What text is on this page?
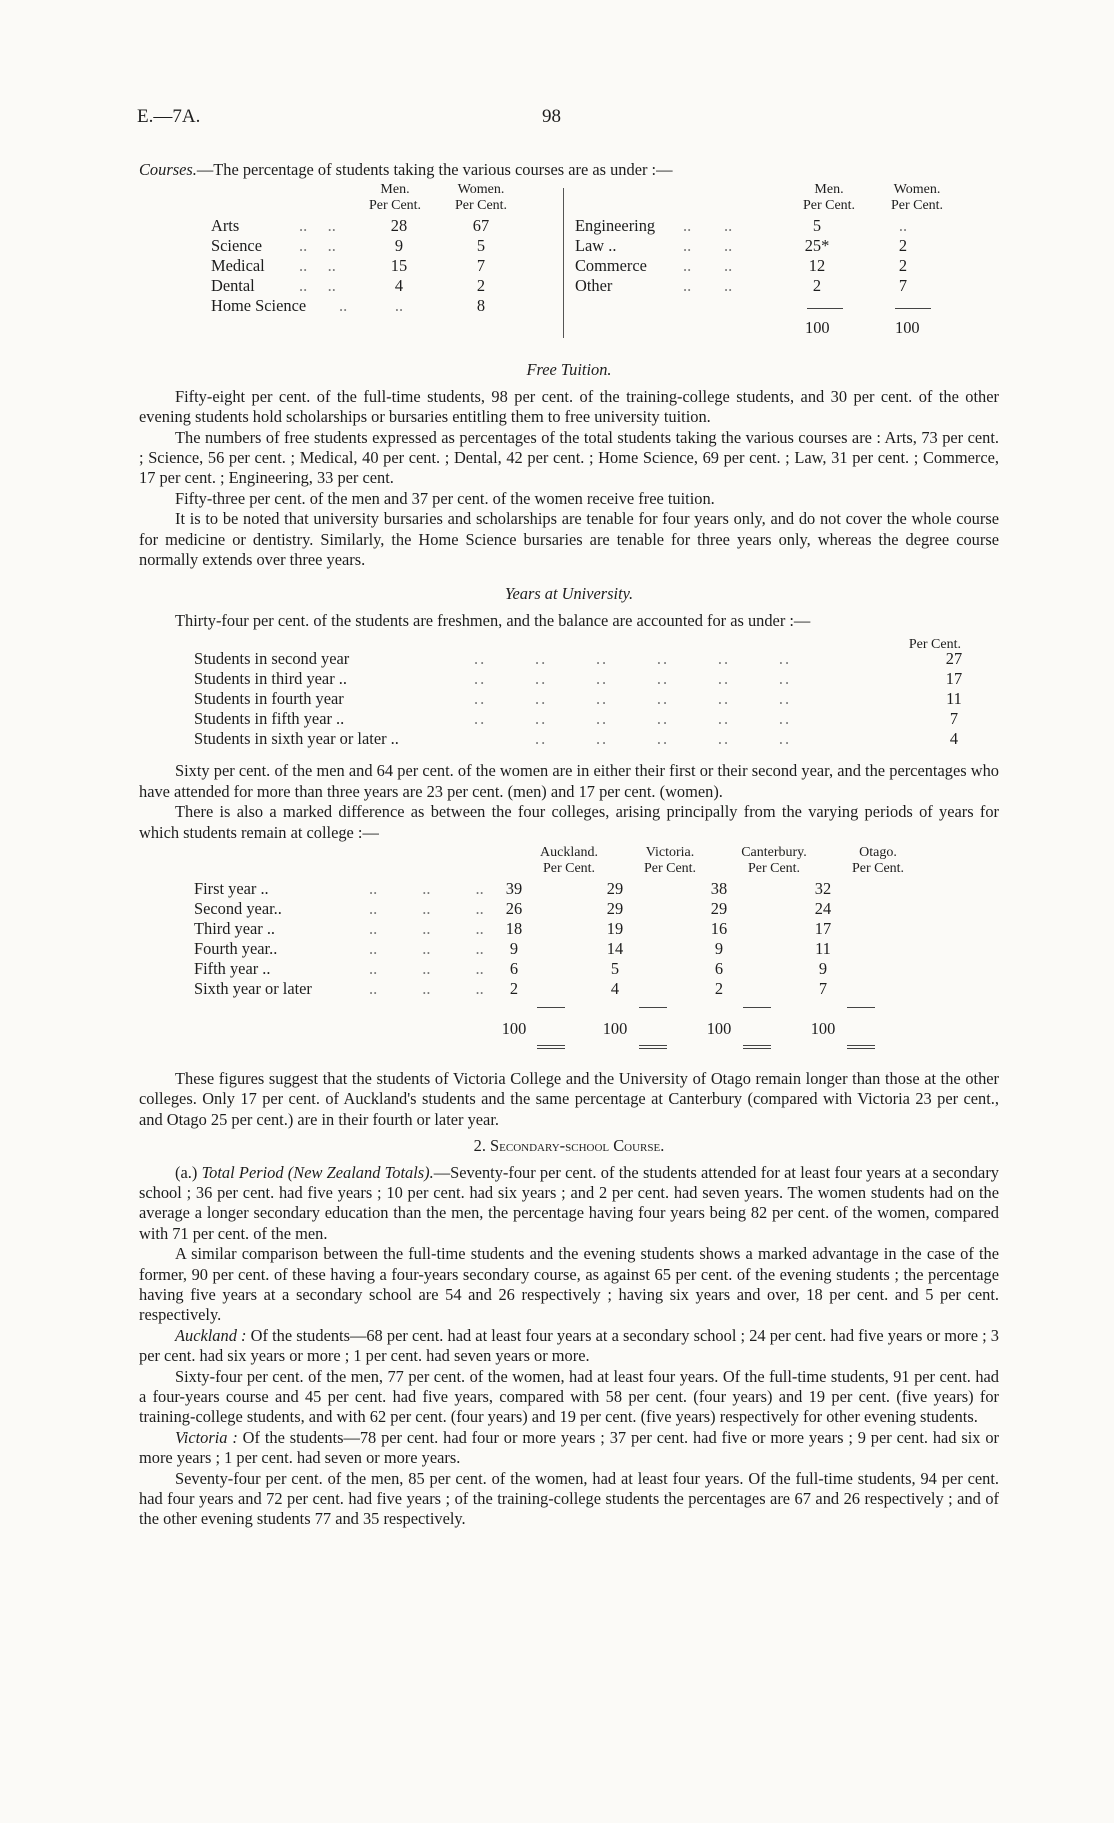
E.—7A.	98

Courses.—The percentage of students taking the various courses are as under :—

Men.
Per Cent.
Women.
Per Cent.
Men.
Per Cent.
Women.
Per Cent.
Arts	..     ..	28	67
Science ..     ..	9	5
Medical ..     ..	15	7
Dental	..     ..	4	2
Home Science ..	..	8
Engineering ..        ..	5	..
Law ..	..        ..	25*	2
Commerce ..        ..	12	2
Other	..        ..	2	7
100	100

Free Tuition.

Fifty-eight per cent. of the full-time students, 98 per cent. of the training-college students, and 30 per cent. of the other evening students hold scholarships or bursaries entitling them to free university tuition.

The numbers of free students expressed as percentages of the total students taking the various courses are : Arts, 73 per cent. ; Science, 56 per cent. ; Medical, 40 per cent. ; Dental, 42 per cent. ; Home Science, 69 per cent. ; Law, 31 per cent. ; Commerce, 17 per cent. ; Engineering, 33 per cent.

Fifty-three per cent. of the men and 37 per cent. of the women receive free tuition.

It is to be noted that university bursaries and scholarships are tenable for four years only, and do not cover the whole course for medicine or dentistry. Similarly, the Home Science bursaries are tenable for three years only, whereas the degree course normally extends over three years.

Years at University.

Thirty-four per cent. of the students are freshmen, and the balance are accounted for as under :—

Per Cent.
Students in second year	..        ..        ..        ..        ..        ..	27
Students in third year ..	..        ..        ..        ..        ..        ..	17
Students in fourth year	..        ..        ..        ..        ..        ..	11
Students in fifth year ..	..        ..        ..        ..        ..        ..	7
Students in sixth year or later ..	..        ..        ..        ..        ..	4

Sixty per cent. of the men and 64 per cent. of the women are in either their first or their second year, and the percentages who have attended for more than three years are 23 per cent. (men) and 17 per cent. (women).

There is also a marked difference as between the four colleges, arising principally from the varying periods of years for which students remain at college :—

Auckland.
Per Cent.
Victoria.
Per Cent.
Canterbury.
Per Cent.
Otago.
Per Cent.
First year ..	..           ..           ..	39	29	38	32
Second year..	..           ..           ..	26	29	29	24
Third year ..	..           ..           ..	18	19	16	17
Fourth year..	..           ..           ..	9	14	9	11
Fifth year ..	..           ..           ..	6	5	6	9
Sixth year or later	..           ..           ..	2	4	2	7
100	100	100	100

These figures suggest that the students of Victoria College and the University of Otago remain longer than those at the other colleges. Only 17 per cent. of Auckland's students and the same percentage at Canterbury (compared with Victoria 23 per cent., and Otago 25 per cent.) are in their fourth or later year.

2. Secondary-school Course.

(a.) Total Period (New Zealand Totals).—Seventy-four per cent. of the students attended for at least four years at a secondary school ; 36 per cent. had five years ; 10 per cent. had six years ; and 2 per cent. had seven years. The women students had on the average a longer secondary education than the men, the percentage having four years being 82 per cent. of the women, compared with 71 per cent. of the men.

A similar comparison between the full-time students and the evening students shows a marked advantage in the case of the former, 90 per cent. of these having a four-years secondary course, as against 65 per cent. of the evening students ; the percentage having five years at a secondary school are 54 and 26 respectively ; having six years and over, 18 per cent. and 5 per cent. respectively.

Auckland : Of the students—68 per cent. had at least four years at a secondary school ; 24 per cent. had five years or more ; 3 per cent. had six years or more ; 1 per cent. had seven years or more.

Sixty-four per cent. of the men, 77 per cent. of the women, had at least four years. Of the full-time students, 91 per cent. had a four-years course and 45 per cent. had five years, compared with 58 per cent. (four years) and 19 per cent. (five years) for training-college students, and with 62 per cent. (four years) and 19 per cent. (five years) respectively for other evening students.

Victoria : Of the students—78 per cent. had four or more years ; 37 per cent. had five or more years ; 9 per cent. had six or more years ; 1 per cent. had seven or more years.

Seventy-four per cent. of the men, 85 per cent. of the women, had at least four years. Of the full-time students, 94 per cent. had four years and 72 per cent. had five years ; of the training-college students the percentages are 67 and 26 respectively ; and of the other evening students 77 and 35 respectively.
